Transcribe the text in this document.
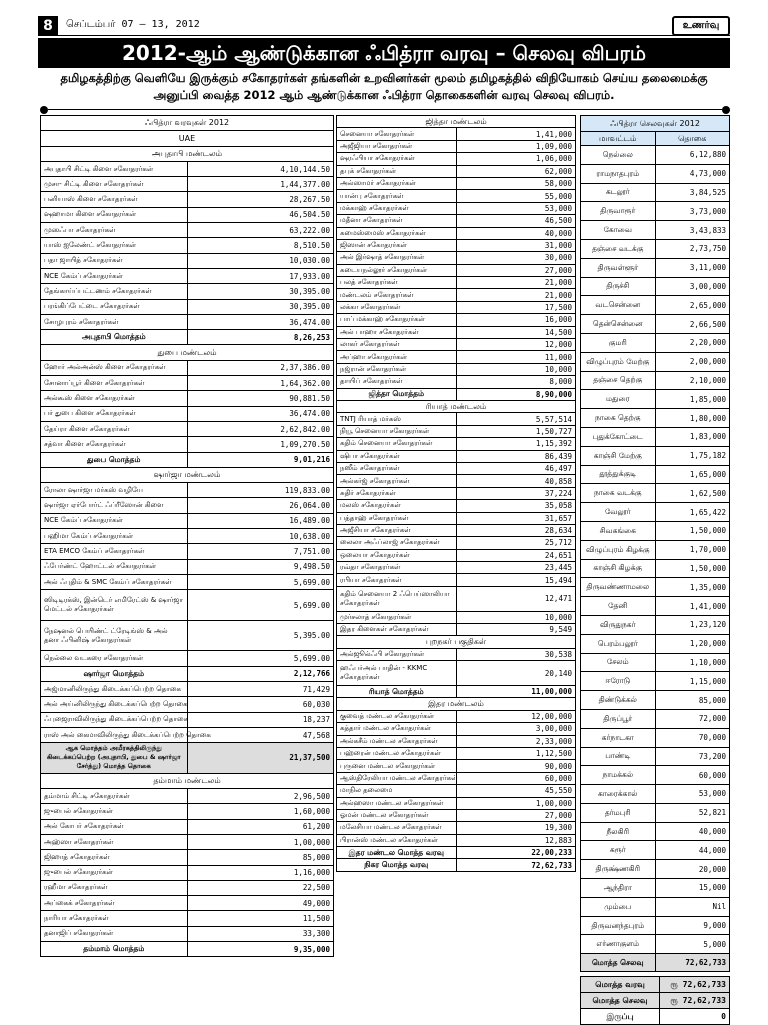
8	செப்டம்பர் 07 – 13, 2012	உணர்வு
2012-ஆம் ஆண்டுக்கான ஃபித்ரா வரவு – செலவு விபரம்
தமிழகத்திற்கு வெளியே இருக்கும் சகோதரர்கள் தங்களின் உறவினர்கள் மூலம் தமிழகத்தில் விநியோகம் செய்ய தலைமைக்கு அனுப்பி வைத்த 2012 ஆம் ஆண்டுக்கான ஃபித்ரா தொகைகளின் வரவு செலவு விபரம்.
ஃபித்ரா வரவுகள் 2012	
UAE	
அபுதாபி மண்டலம்	
அபுதாபி சிட்டி கிளை சகோதரர்கள்	4,10,144.50
முசா- சிட்டி கிளை சகோதரர்கள்	1,44,377.00
பனியாஸ் கிளை சகோதரர்கள்	28,267.50
ஷஹாமா கிளை சகோதரர்கள்	46,504.50
முஸஃபா சகோதரர்கள்	63,222.00
யாஸ் ஐலேண்ட் சகோதரர்கள்	8,510.50
பதா ஜாயித் சகோதரர்கள்	10,030.00
NCE கேம்ப் சகோதரர்கள்	17,933.00
தேங்காய்ப்பட்டணம் சகோதரர்கள்	30,395.00
பரங்கிப்பேட்டை சகோதரர்கள்	30,395.00
சோழபுரம் சகோதரர்கள்	36,474.00
அபுதாபி மொத்தம்	8,26,253
துபை மண்டலம்	
ஹோர் அல்அன்ஸ் கிளை சகோதரர்கள்	2,37,386.00
சோனாப்பூர் கிளை சகோதரர்கள்	1,64,362.00
அல்கூஸ் கிளை சகோதரர்கள்	90,881.50
பர் துபை கிளை சகோதரர்கள்	36,474.00
தேய்ரா கிளை சகோதரர்கள்	2,62,842.00
சத்வா கிளை சகோதரர்கள்	1,09,270.50
துபை மொத்தம்	9,01,216
ஷார்ஜா மண்டலம்	
ரோலா ஷார்ஜா மர்கஸ் வழியே	119,833.00
ஷார்ஜா ஏர்போர்ட் ஃப்ரீஸோன் கிளை	26,064.00
NCE கேம்ப் சகோதரர்கள்	16,489.00
பஹிமா கேம்ப் சகோதரர்கள்	10,638.00
ETA EMCO கேம்ப் சகோதரர்கள்	7,751.00
ஃபேர்ண்ட் ஹோட்டல் சகோதரர்கள்	9,498.50
அல் ஃபுதிம் & SMC கேம்ப் சகோதரர்கள்	5,699.00
ஸிடிடிரக்ஸ், இன்டெர் எமிரேட்ஸ் & ஷார்ஜா மெட்டல் சகோதரர்கள்	5,699.00
நேஷனல் பெயிண்ட் ட்ரேடிங்ஸ் & அல் தனா ஃபினிஷ் சகோதரர்கள்	5,395.00
நெல்லை வடகரை சகோதரர்கள்	5,699.00
ஷார்ஜா மொத்தம்	2,12,766
அஜ்மானிலிருந்து கிடைக்கப்பெற்ற தொகை	71,429
அல் அய்னிலிருந்து கிடைக்கப்பெற்ற தொகை	60,030
ஃபுஜைராவிலிருந்து கிடைக்கப்பெற்ற தொகை	18,237
ராஸ் அல் கைமாவிலிருந்து கிடைக்கப்பெற்ற தொகை	47,568
ஆக மொத்தம் அமீரகத்திலிருந்து கிடைக்கப்பெற்ற (அபுதாபி, துபை & ஷார்ஜா சேர்த்து) மொத்த தொகை	21,37,500
தம்மாம் மண்டலம்	
தம்மாம் சிட்டி சகோதரர்கள்	2,96,500
ஜுபைல் சகோதரர்கள்	1,60,000
அல் கோபர் சகோதரர்கள்	61,200
அஹ்ஸா சகோதரர்கள்	1,00,000
ஜிஹாத் சகோதரர்கள்	85,000
ஜுபைல் சகோதரர்கள்	1,16,000
ரஹீமா சகோதரர்கள்	22,500
அப்கைக் சகோதரர்கள்	49,000
நாரியா சகோதரர்கள்	11,500
தனாஜிப் சகோதரர்கள்	33,300
தம்மாம் மொத்தம்	9,35,000
ஜித்தா மண்டலம்	
செனையா சகோதரர்கள்	1,41,000
அஜீஜியா சகோதரர்கள்	1,09,000
ஷரஃபியா சகோதரர்கள்	1,06,000
தபுக் சகோதரர்கள்	62,000
அல்ஸாமர் சகோதரர்கள்	58,000
யான்பு சகோதரர்கள்	55,000
மக்காஹ் சகோதரர்கள்	53,000
மதீனா சகோதரர்கள்	46,500
கமைஸ்மைஸ் சகோதரர்கள்	40,000
ஜிஸான் சகோதரர்கள்	31,000
அல் இர்ஷாத் சகோதரர்கள்	30,000
கடையநல்லூர் சகோதரர்கள்	27,000
பலத் சகோதரர்கள்	21,000
மண்டலம் சகோதரர்கள்	21,000
லக்கா சகோதரர்கள்	17,500
பாப் மக்காஹ் சகோதரர்கள்	16,000
அல் பாஹா சகோதரர்கள்	14,500
லாகர் சகோதரர்கள்	12,000
அப்ஹா சகோதரர்கள்	11,000
நஜ்ரான் சகோதரர்கள்	10,000
தாயிப் சகோதரர்கள்	8,000
ஜித்தா மொத்தம்	8,90,000
ரியாத் மண்டலம்	
TNTJ ரியாத் மர்கஸ்	5,57,514
நியூ செனையா சகோதரர்கள்	1,50,727
கதிம் செனையா சகோதரர்கள்	1,15,392
ஷிபா சகோதரர்கள்	86,439
நஸீம் சகோதரர்கள்	46,497
அல்கர்ஜ் சகோதரர்கள்	40,858
சுதிர் சகோதரர்கள்	37,224
மலஸ் சகோதரர்கள்	35,058
பத்தாஹ் சகோதரர்கள்	31,657
அஜீசியா சகோதரர்கள்	28,634
லைலா அஃப்லாஜ் சகோதரர்கள்	25,712
ஒலையா சகோதரர்கள்	24,651
ரவ்தா சகோதரர்கள்	23,445
ரபியா சகோதரர்கள்	15,494
கதிம் செனையா 2 ஃபெய்ஸாலியா சகோதரர்கள்	12,471
முர்சலாத் சகோதரர்கள்	10,000
இதர கிளைகள் சகோதரர்கள்	9,549
புறநகர் பகுதிகள்	
அல்ஜூல்ஃபி சகோதரர்கள்	30,538
ஹஃபர்அல் பாதின் - KKMC சகோதரர்கள்	20,140
ரியாத் மொத்தம்	11,00,000
இதர மண்டலம்	
குவைத் மண்டல சகோதரர்கள்	12,00,000
கத்தார் மண்டல சகோதரர்கள்	3,00,000
அல்கசீம் மண்டல சகோதரர்கள்	2,33,000
பஹ்ரைன் மண்டல சகோதரர்கள்	1,12,500
புருனை மண்டல சகோதரர்கள்	90,000
ஆஸ்திரேலியா மண்டல சகோதரர்கள்	60,000
மாநில தலைமை	45,550
அல்ஹஸா மண்டல சகோதரர்கள்	1,00,000
ஓமன் மண்டல சகோதரர்கள்	27,000
மலேசியா மண்டல சகோதரர்கள்	19,300
பிரான்ஸ் மண்டல சகோதரர்கள்	12,883
இதர மண்டல மொத்த வரவு	22,00,233
நிகர மொத்த வரவு	72,62,733
ஃபித்ரா செலவுகள் 2012	
மாவட்டம்	தொகை
நெல்லை	6,12,880
ராமநாதபுரம்	4,73,000
கடலூர்	3,84,525
திருவாரூர்	3,73,000
கோவை	3,43,833
தஞ்சை வடக்கு	2,73,750
திருவள்ளூர்	3,11,000
திருச்சி	3,00,000
வடசென்னை	2,65,000
தென்சென்னை	2,66,500
குமரி	2,20,000
விழுப்புரம் மேற்கு	2,00,000
தஞ்சை தெற்கு	2,10,000
மதுரை	1,85,000
நாகை தெற்கு	1,80,000
புதுக்கோட்டை	1,83,000
காஞ்சி மேற்கு	1,75,182
தூத்துக்குடி	1,65,000
நாகை வடக்கு	1,62,500
வேலூர்	1,65,422
சிவகங்கை	1,50,000
விழுப்புரம் கிழக்கு	1,70,000
காஞ்சி கிழக்கு	1,50,000
திருவண்ணாமலை	1,35,000
தேனி	1,41,000
விருதுநகர்	1,23,120
பெரம்பலூர்	1,20,000
சேலம்	1,10,000
ஈரோடு	1,15,000
திண்டுக்கல்	85,000
திருப்பூர்	72,000
கர்நாடகா	70,000
பாண்டி	73,200
நாமக்கல்	60,000
காரைக்கால்	53,000
தர்மபுரி	52,821
நீலகிரி	40,000
கரூர்	44,000
திருக்ஷ்ணகிரி	20,000
ஆந்திரா	15,000
மும்பை	Nil
திருவனந்தபுரம்	9,000
எர்ணாகுளம்	5,000
மொத்த செலவு	72,62,733
மொத்த வரவு	ரூ 72,62,733
மொத்த செலவு	ரூ 72,62,733
இருப்பு	0
